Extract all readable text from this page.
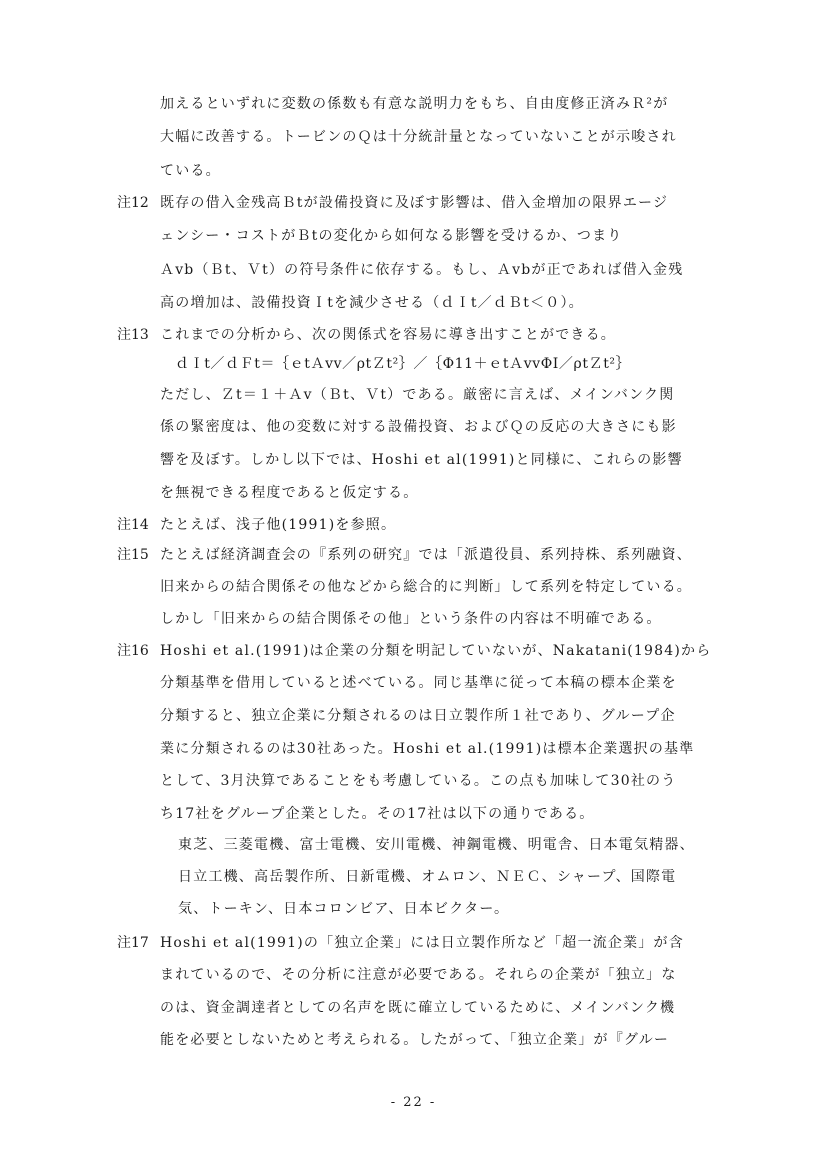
加えるといずれに変数の係数も有意な説明力をもち、自由度修正済みＲ²が
大幅に改善する。トービンのＱは十分統計量となっていないことが示唆され
ている。
注12 既存の借入金残高Ｂtが設備投資に及ぼす影響は、借入金増加の限界エージ
ェンシー・コストがＢtの変化から如何なる影響を受けるか、つまり
Ａvb（Ｂt、Ｖt）の符号条件に依存する。もし、Ａvbが正であれば借入金残
高の増加は、設備投資Ｉtを減少させる（ｄＩt／ｄＢt＜０）。
注13 これまでの分析から、次の関係式を容易に導き出すことができる。
ｄＩt／ｄＦt＝｛ｅtＡvv／ρtＺt²｝／｛Φ11＋ｅtＡvvΦI／ρtＺt²｝
ただし、Ｚt＝１＋Ａv（Ｂt、Ｖt）である。厳密に言えば、メインバンク関
係の緊密度は、他の変数に対する設備投資、およびＱの反応の大きさにも影
響を及ぼす。しかし以下では、Hoshi et al(1991)と同様に、これらの影響
を無視できる程度であると仮定する。
注14 たとえば、浅子他(1991)を参照。
注15 たとえば経済調査会の『系列の研究』では「派遣役員、系列持株、系列融資、
旧来からの結合関係その他などから総合的に判断」して系列を特定している。
しかし「旧来からの結合関係その他」という条件の内容は不明確である。
注16 Hoshi et al.(1991)は企業の分類を明記していないが、Nakatani(1984)から
分類基準を借用していると述べている。同じ基準に従って本稿の標本企業を
分類すると、独立企業に分類されるのは日立製作所１社であり、グループ企
業に分類されるのは30社あった。Hoshi et al.(1991)は標本企業選択の基準
として、3月決算であることをも考慮している。この点も加味して30社のう
ち17社をグループ企業とした。その17社は以下の通りである。
東芝、三菱電機、富士電機、安川電機、神鋼電機、明電舎、日本電気精器、
日立工機、高岳製作所、日新電機、オムロン、ＮＥＣ、シャープ、国際電
気、トーキン、日本コロンビア、日本ビクター。
注17 Hoshi et al(1991)の「独立企業」には日立製作所など「超一流企業」が含
まれているので、その分析に注意が必要である。それらの企業が「独立」な
のは、資金調達者としての名声を既に確立しているために、メインバンク機
能を必要としないためと考えられる。したがって、「独立企業」が『グルー
- 22 -
